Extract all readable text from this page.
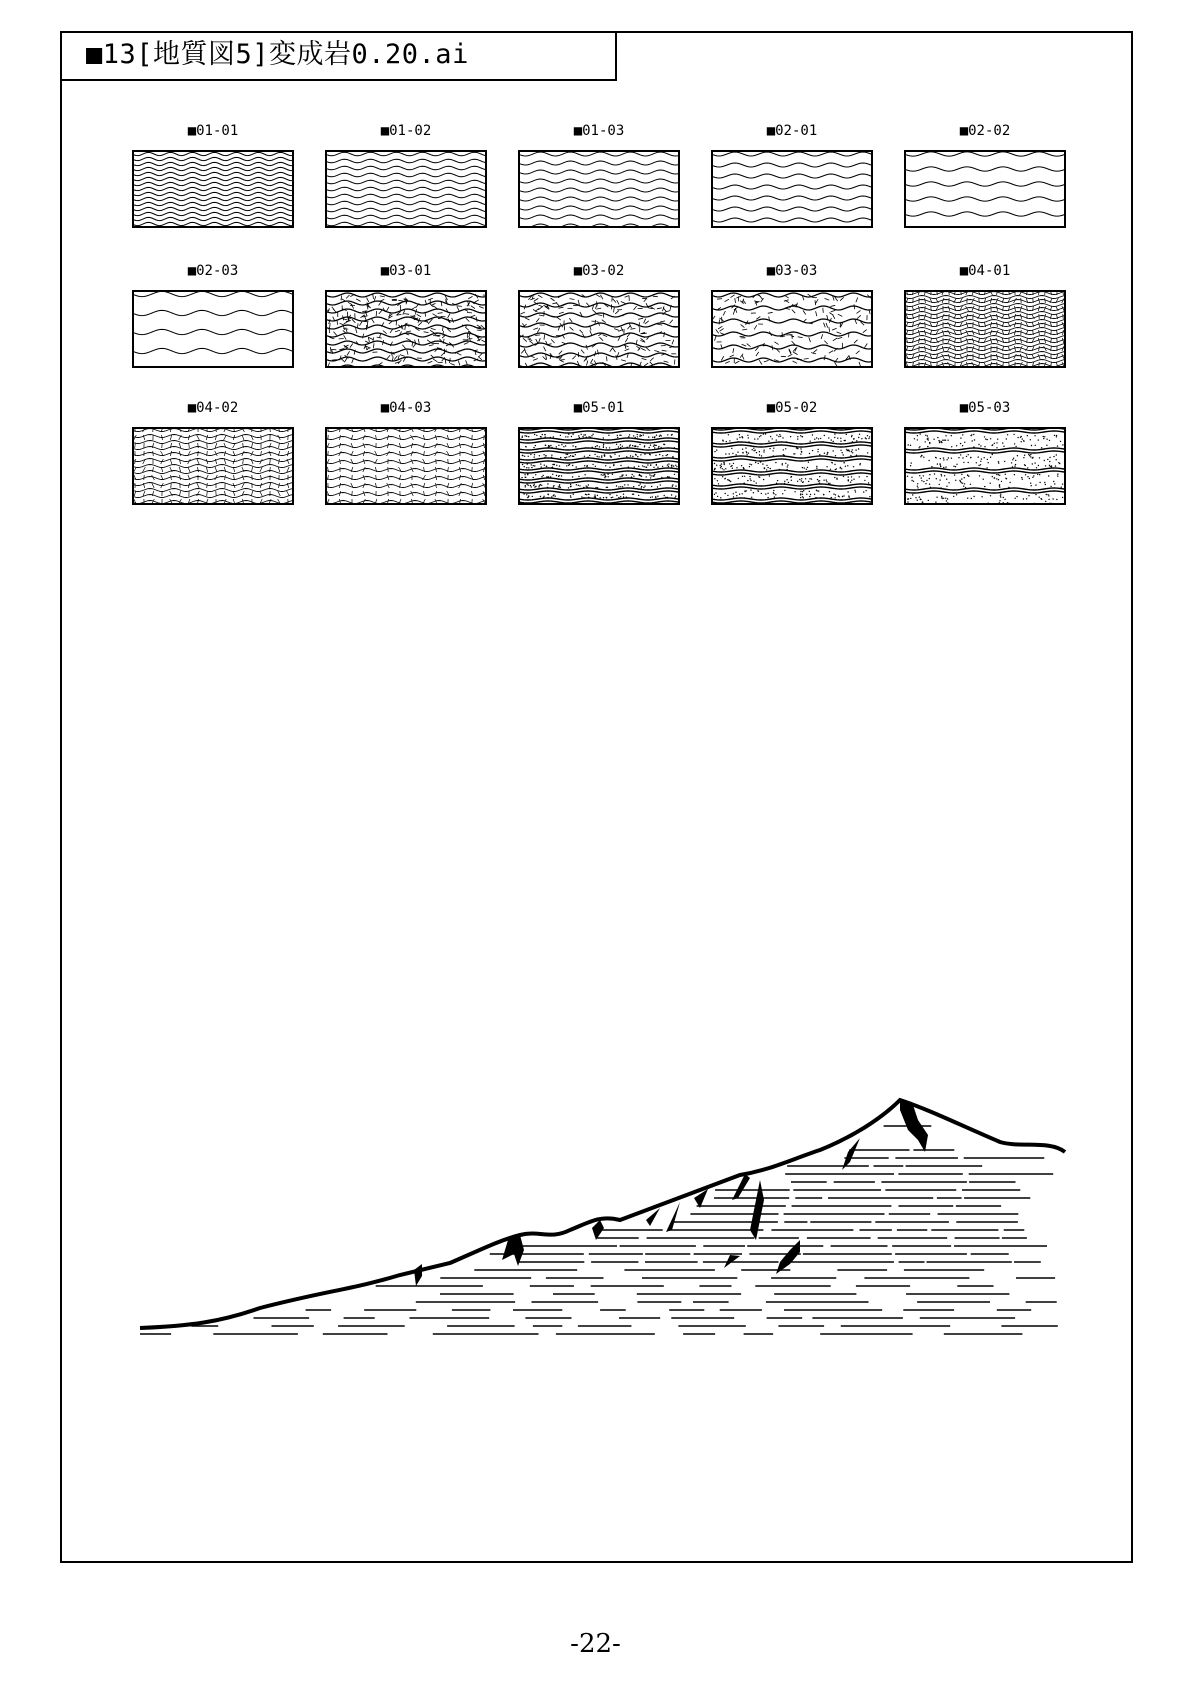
■13[地質図5]変成岩0.20.ai
■01-01	■01-02	■01-03	■02-01	■02-02
■02-03	■03-01	■03-02	■03-03	■04-01
■04-02	■04-03	■05-01	■05-02	■05-03
-22-
